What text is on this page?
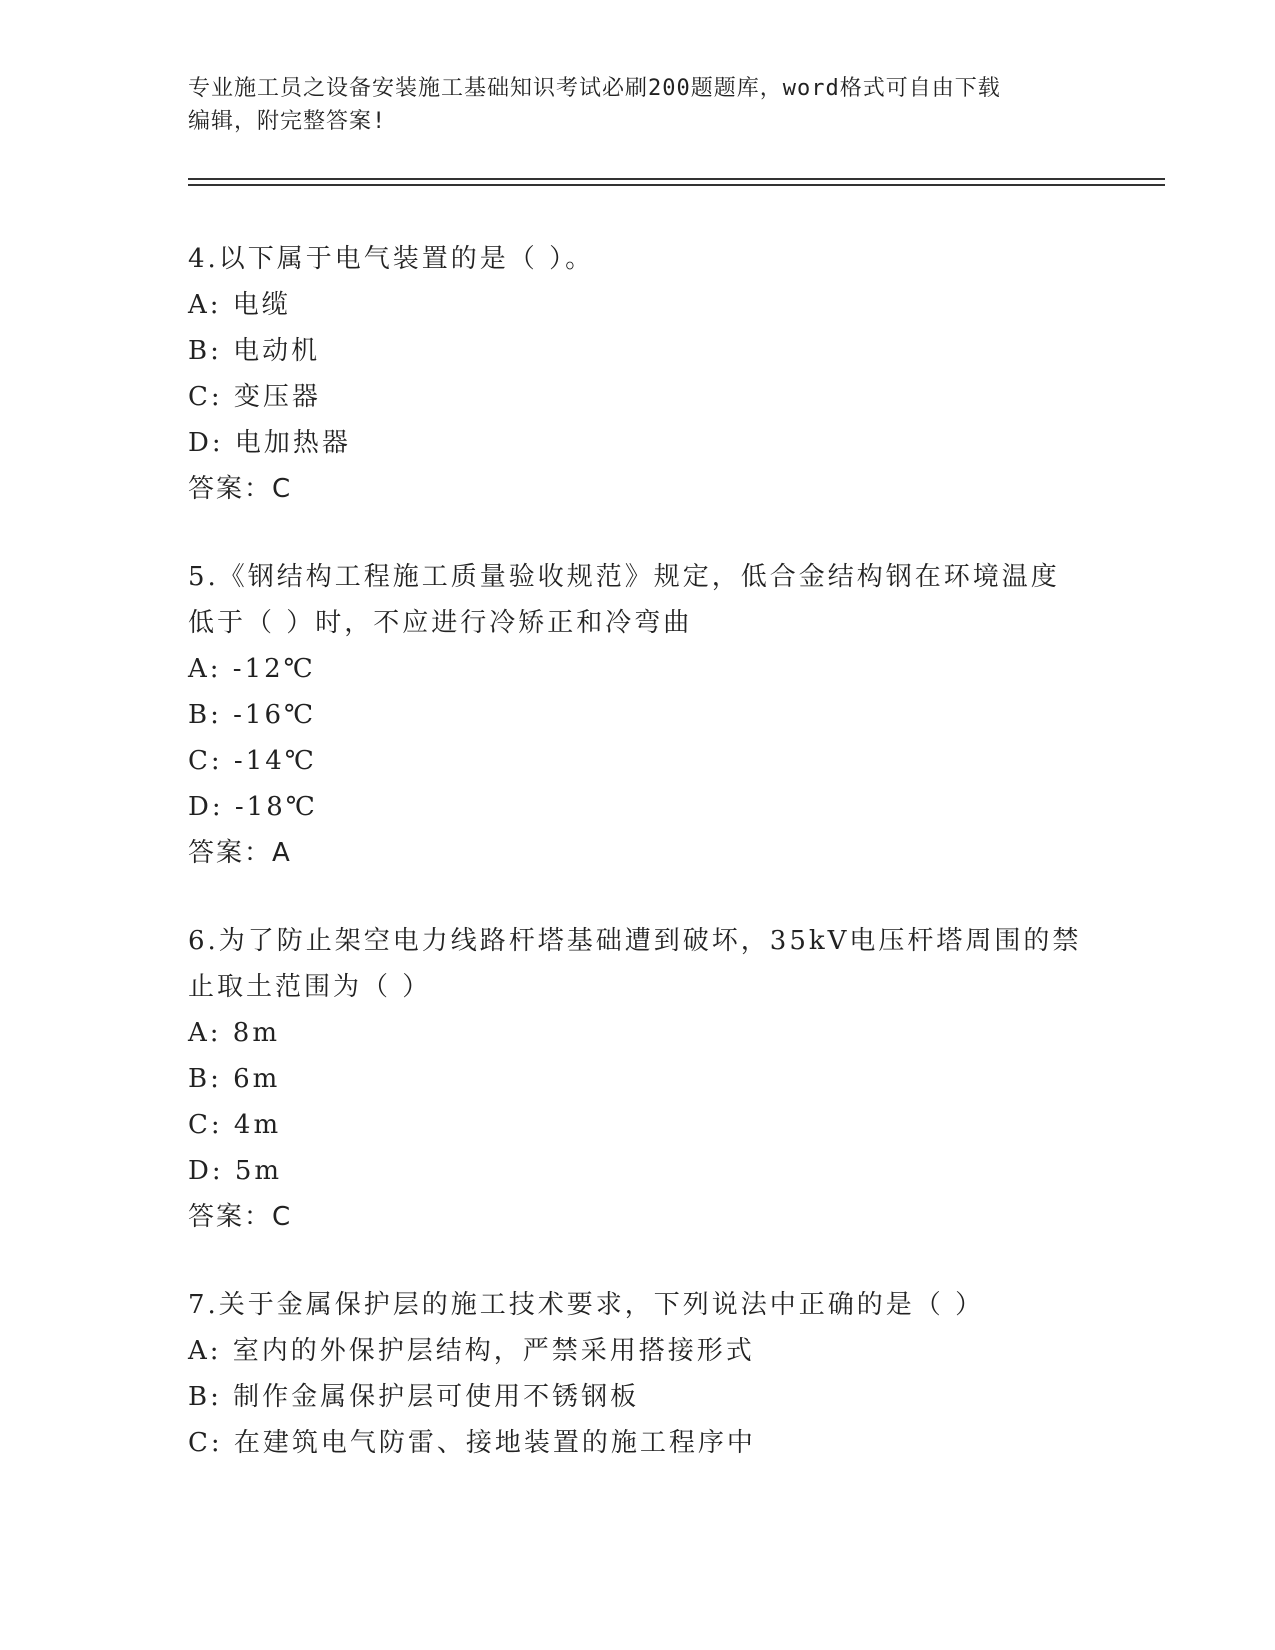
专业施工员之设备安装施工基础知识考试必刷200题题库，word格式可自由下载
编辑，附完整答案!
4.以下属于电气装置的是（ ）。
A: 电缆
B: 电动机
C: 变压器
D: 电加热器
答案：C
5.《钢结构工程施工质量验收规范》规定，低合金结构钢在环境温度
低于（ ）时，不应进行冷矫正和冷弯曲
A: -12℃
B: -16℃
C: -14℃
D: -18℃
答案：A
6.为了防止架空电力线路杆塔基础遭到破坏，35kV电压杆塔周围的禁
止取土范围为（ ）
A: 8m
B: 6m
C: 4m
D: 5m
答案：C
7.关于金属保护层的施工技术要求，下列说法中正确的是（ ）
A: 室内的外保护层结构，严禁采用搭接形式
B: 制作金属保护层可使用不锈钢板
C: 在建筑电气防雷、接地装置的施工程序中
